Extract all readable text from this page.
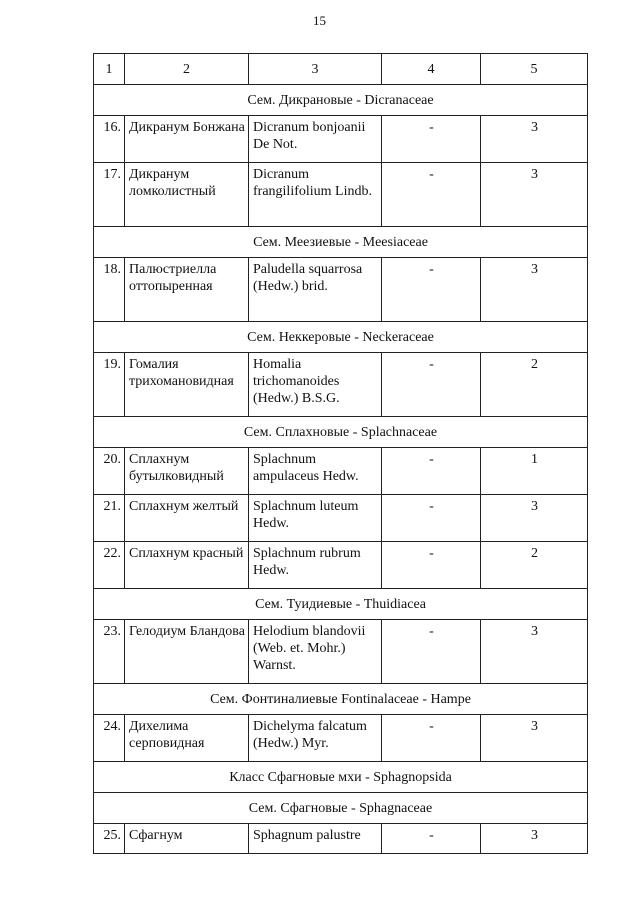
15
1	2	3	4	5
Сем. Дикрановые - Dicranaceae				
16.	Дикранум Бонжана	Dicranum bonjoanii De Not.	-	3
17.	Дикранум ломколистный	Dicranum frangilifolium Lindb.	-	3
Сем. Меезиевые - Meesiaceae				
18.	Палюстриелла оттопыренная	Paludella squarrosa (Hedw.) brid.	-	3
Сем. Неккеровые - Neckeraceae				
19.	Гомалия трихомановидная	Homalia trichomanoides (Hedw.) B.S.G.	-	2
Сем. Сплахновые - Splachnaceae				
20.	Сплахнум бутылковидный	Splachnum ampulaceus Hedw.	-	1
21.	Сплахнум желтый	Splachnum luteum Hedw.	-	3
22.	Сплахнум красный	Splachnum rubrum Hedw.	-	2
Сем. Туидиевые - Thuidiacea				
23.	Гелодиум Бландова	Helodium blandovii (Web. et. Mohr.) Warnst.	-	3
Сем. Фонтиналиевые Fontinalaceae - Hampe				
24.	Дихелима серповидная	Dichelyma falcatum (Hedw.) Myr.	-	3
Класс Сфагновые мхи - Sphagnopsida				
Сем. Сфагновые - Sphagnaceae				
25.	Сфагнум	Sphagnum palustre	-	3
